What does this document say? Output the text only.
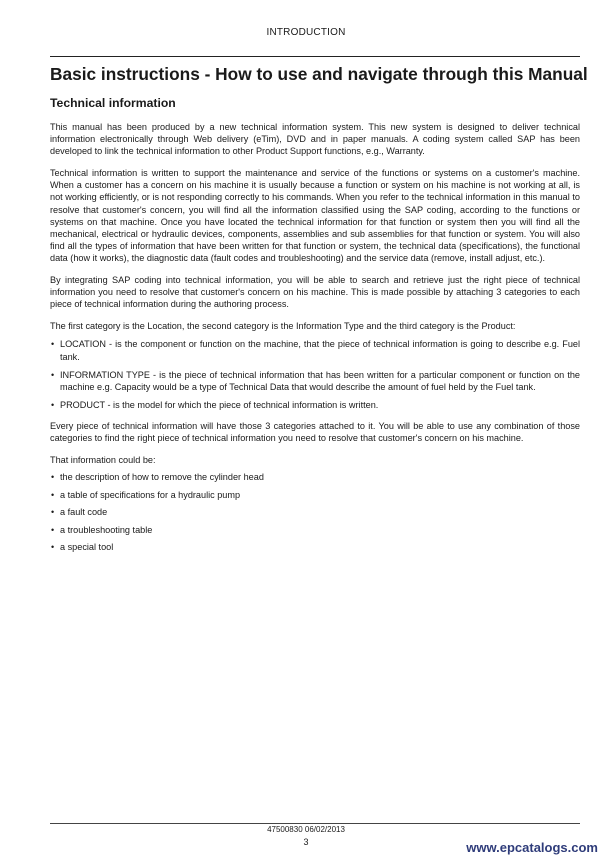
INTRODUCTION
Basic instructions - How to use and navigate through this Manual
Technical information

This manual has been produced by a new technical information system. This new system is designed to deliver technical information electronically through Web delivery (eTim), DVD and in paper manuals. A coding system called SAP has been developed to link the technical information to other Product Support functions, e.g., Warranty.

Technical information is written to support the maintenance and service of the functions or systems on a customer's machine. When a customer has a concern on his machine it is usually because a function or system on his machine is not working at all, is not working efficiently, or is not responding correctly to his commands. When you refer to the technical information in this manual to resolve that customer's concern, you will find all the information classified using the SAP coding, according to the functions or systems on that machine. Once you have located the technical information for that function or system then you will find all the mechanical, electrical or hydraulic devices, components, assemblies and sub assemblies for that function or system. You will also find all the types of information that have been written for that function or system, the technical data (specifications), the functional data (how it works), the diagnostic data (fault codes and troubleshooting) and the service data (remove, install adjust, etc.).

By integrating SAP coding into technical information, you will be able to search and retrieve just the right piece of technical information you need to resolve that customer's concern on his machine. This is made possible by attaching 3 categories to each piece of technical information during the authoring process.

The first category is the Location, the second category is the Information Type and the third category is the Product:

• LOCATION - is the component or function on the machine, that the piece of technical information is going to describe e.g. Fuel tank.
• INFORMATION TYPE - is the piece of technical information that has been written for a particular component or function on the machine e.g. Capacity would be a type of Technical Data that would describe the amount of fuel held by the Fuel tank.
• PRODUCT - is the model for which the piece of technical information is written.

Every piece of technical information will have those 3 categories attached to it. You will be able to use any combination of those categories to find the right piece of technical information you need to resolve that customer's concern on his machine.

That information could be:

• the description of how to remove the cylinder head
• a table of specifications for a hydraulic pump
• a fault code
• a troubleshooting table
• a special tool
47500830 06/02/2013
3	www.epcatalogs.com
